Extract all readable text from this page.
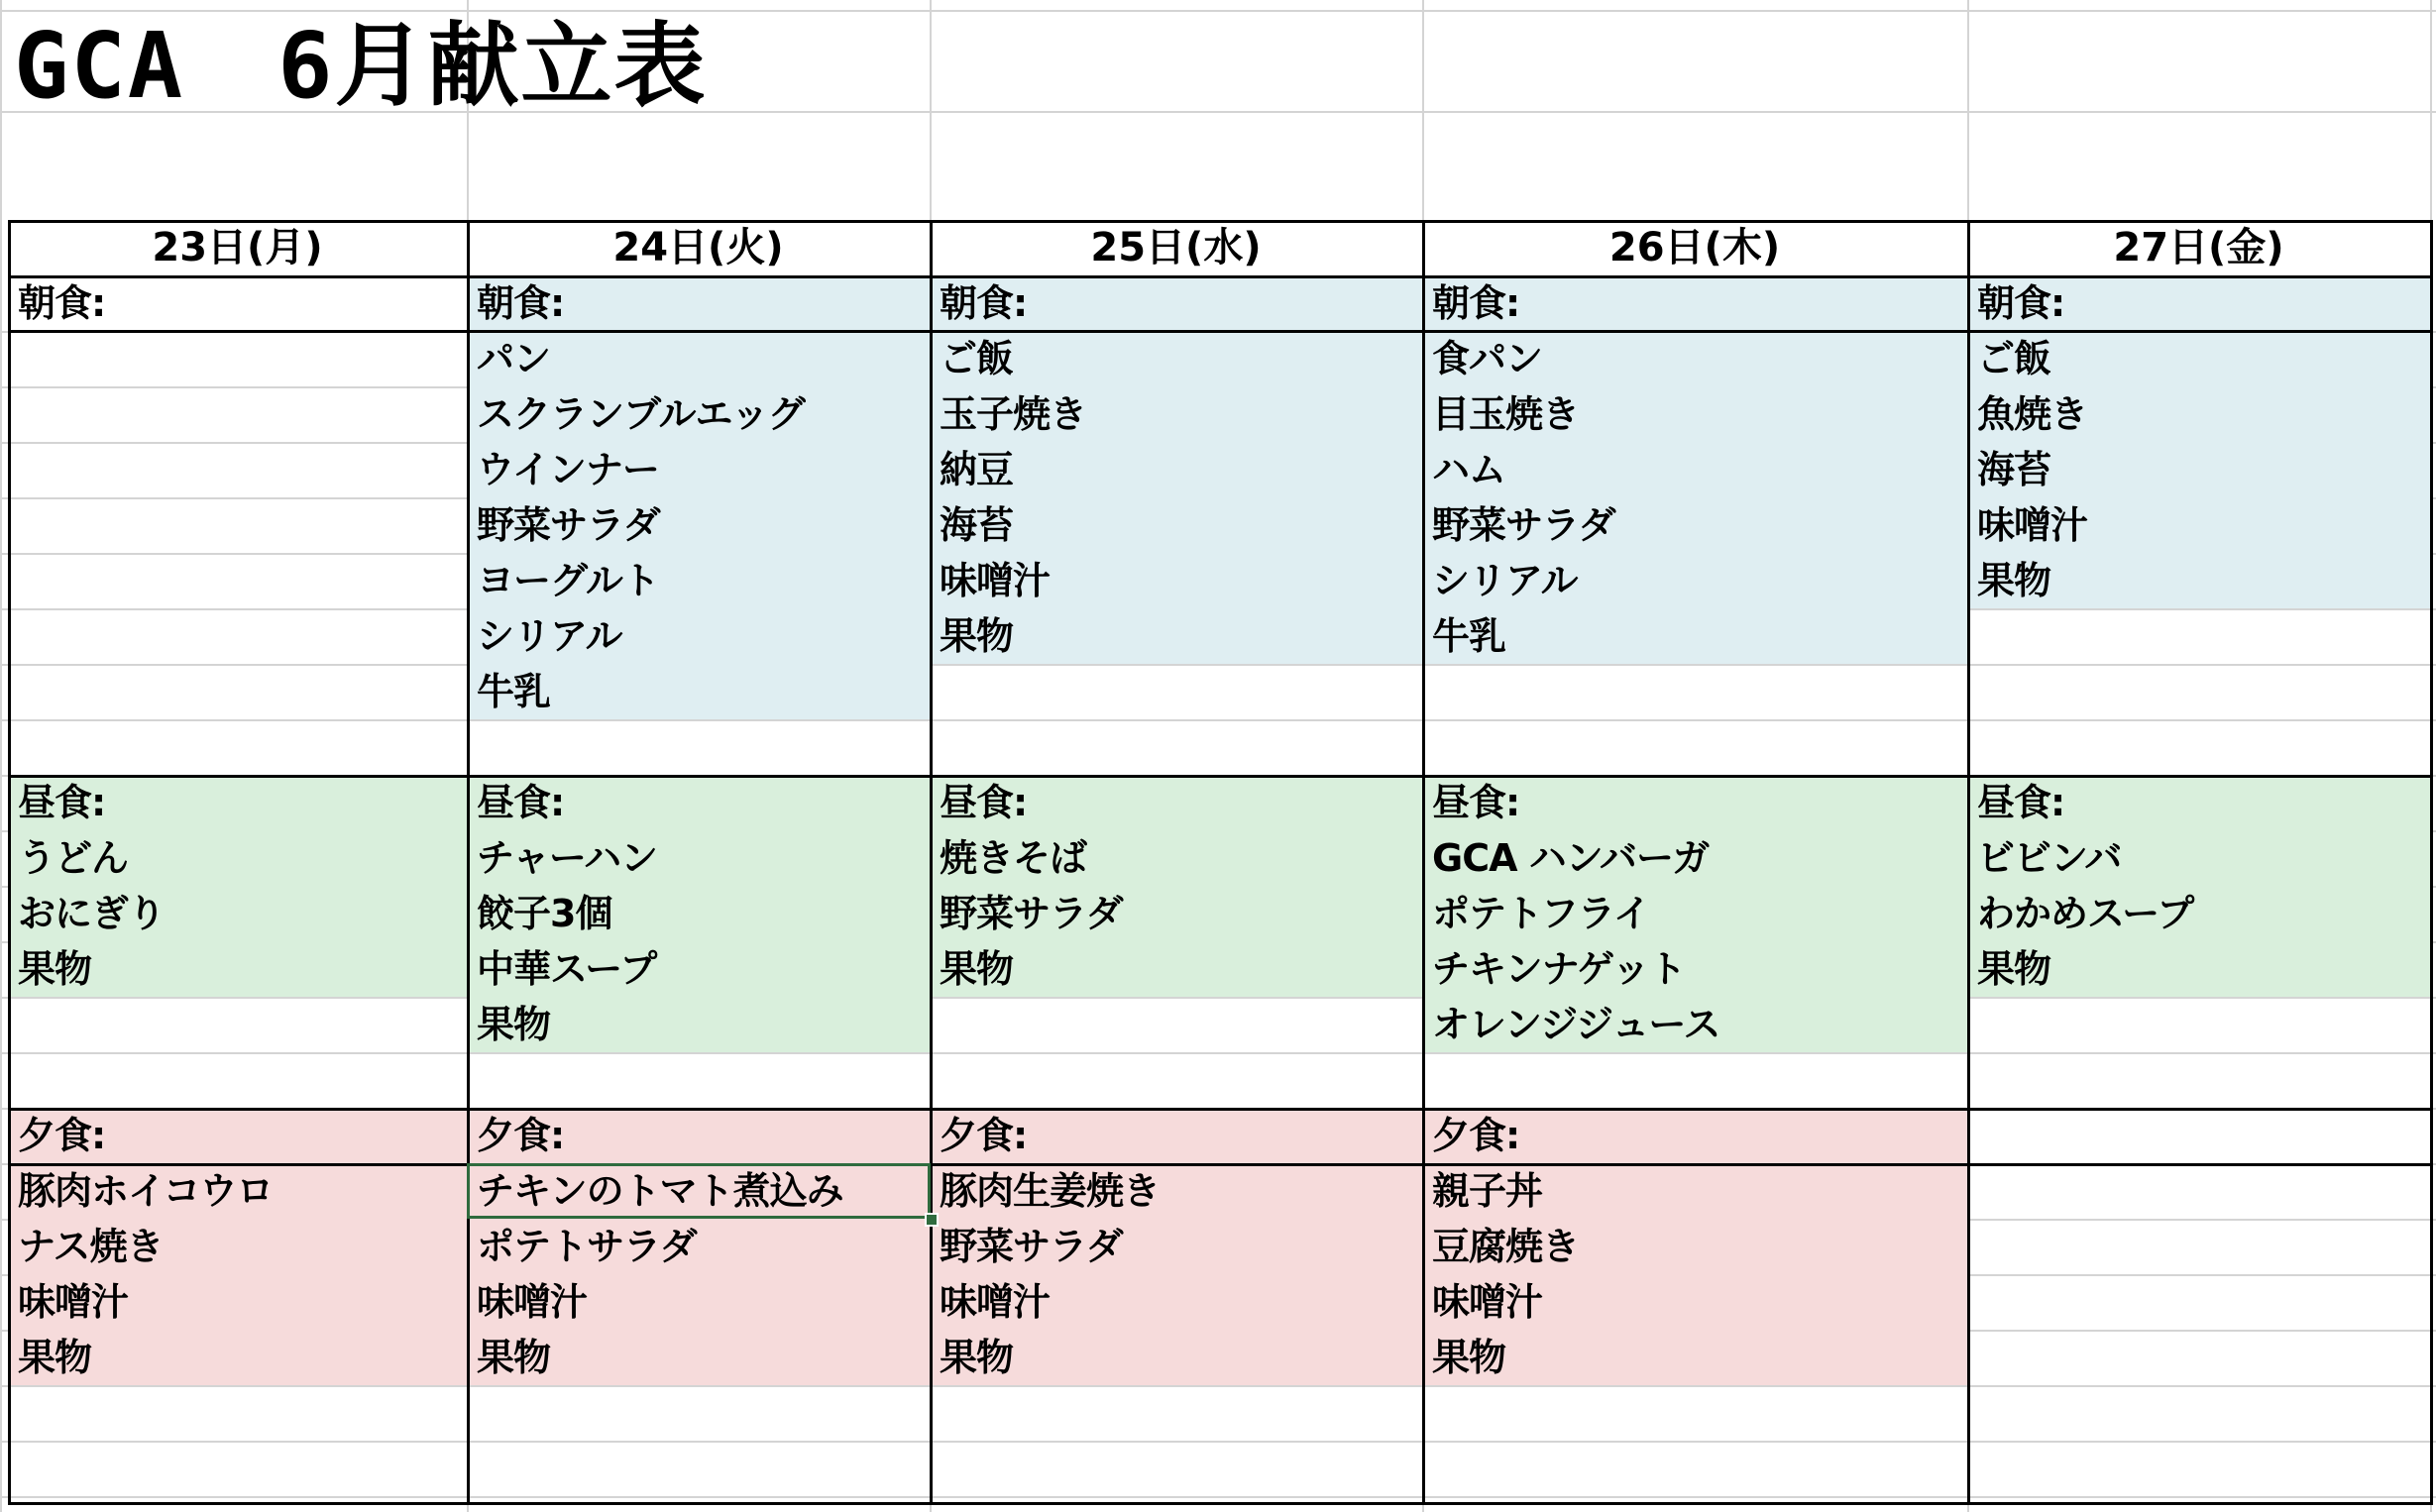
GCA　6月献立表
23日(月)
朝食:
昼食:
うどん
おにぎり
果物
夕食:
豚肉ホイコウロ
ナス焼き
味噌汁
果物
24日(火)
朝食:
パン
スクランブルエッグ
ウインナー
野菜サラダ
ヨーグルト
シリアル
牛乳
昼食:
チャーハン
餃子3個
中華スープ
果物
夕食:
チキンのトマト煮込み
ポテトサラダ
味噌汁
果物
25日(水)
朝食:
ご飯
玉子焼き
納豆
海苔
味噌汁
果物
昼食:
焼きそば
野菜サラダ
果物
夕食:
豚肉生姜焼き
野菜サラダ
味噌汁
果物
26日(木)
朝食:
食パン
目玉焼き
ハム
野菜サラダ
シリアル
牛乳
昼食:
GCA ハンバーガ
ポテトフライ
チキンナゲット
オレンジジュース
夕食:
親子丼
豆腐焼き
味噌汁
果物
27日(金)
朝食:
ご飯
魚焼き
海苔
味噌汁
果物
昼食:
ビビンバ
わかめスープ
果物
